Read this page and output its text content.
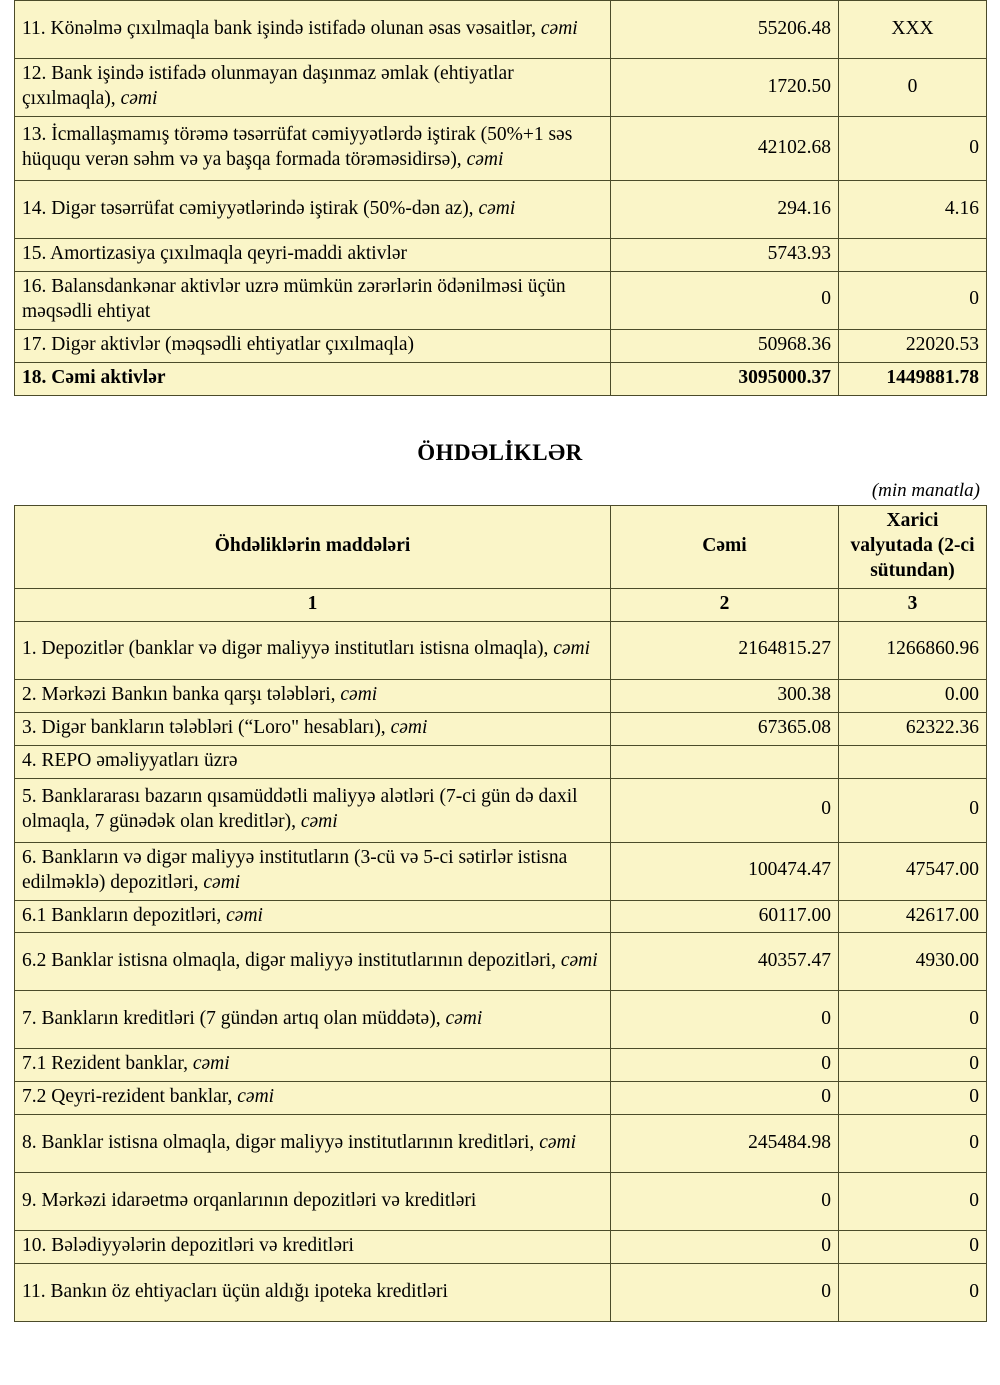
11. Könəlmə çıxılmaqla bank işində istifadə olunan əsas vəsaitlər, cəmi	55206.48	XXX
12. Bank işində istifadə olunmayan daşınmaz əmlak (ehtiyatlar çıxılmaqla), cəmi	1720.50	0
13. İcmallaşmamış törəmə təsərrüfat cəmiyyətlərdə iştirak (50%+1 səs hüququ verən səhm və ya başqa formada törəməsidirsə), cəmi	42102.68	0
14. Digər təsərrüfat cəmiyyətlərində iştirak (50%-dən az), cəmi	294.16	4.16
15. Amortizasiya çıxılmaqla qeyri-maddi aktivlər	5743.93	
16. Balansdankənar aktivlər uzrə mümkün zərərlərin ödənilməsi üçün məqsədli ehtiyat	0	0
17. Digər aktivlər (məqsədli ehtiyatlar çıxılmaqla)	50968.36	22020.53
18. Cəmi aktivlər	3095000.37	1449881.78
ÖHDƏLİKLƏR
(min manatla)
Öhdəliklərin maddələri	Cəmi	Xarici valyutada (2-ci sütundan)
1	2	3
1. Depozitlər (banklar və digər maliyyə institutları istisna olmaqla), cəmi	2164815.27	1266860.96
2. Mərkəzi Bankın banka qarşı tələbləri, cəmi	300.38	0.00
3. Digər bankların tələbləri (“Loro" hesabları), cəmi	67365.08	62322.36
4. REPO əməliyyatları üzrə		
5. Banklararası bazarın qısamüddətli maliyyə alətləri (7-ci gün də daxil olmaqla, 7 günədək olan kreditlər), cəmi	0	0
6. Bankların və digər maliyyə institutların (3-cü və 5-ci sətirlər istisna edilməklə) depozitləri, cəmi	100474.47	47547.00
6.1 Bankların depozitləri, cəmi	60117.00	42617.00
6.2 Banklar istisna olmaqla, digər maliyyə institutlarının depozitləri, cəmi	40357.47	4930.00
7. Bankların kreditləri (7 gündən artıq olan müddətə), cəmi	0	0
7.1 Rezident banklar, cəmi	0	0
7.2 Qeyri-rezident banklar, cəmi	0	0
8. Banklar istisna olmaqla, digər maliyyə institutlarının kreditləri, cəmi	245484.98	0
9. Mərkəzi idarəetmə orqanlarının depozitləri və kreditləri	0	0
10. Bələdiyyələrin depozitləri və kreditləri	0	0
11. Bankın öz ehtiyacları üçün aldığı ipoteka kreditləri	0	0
